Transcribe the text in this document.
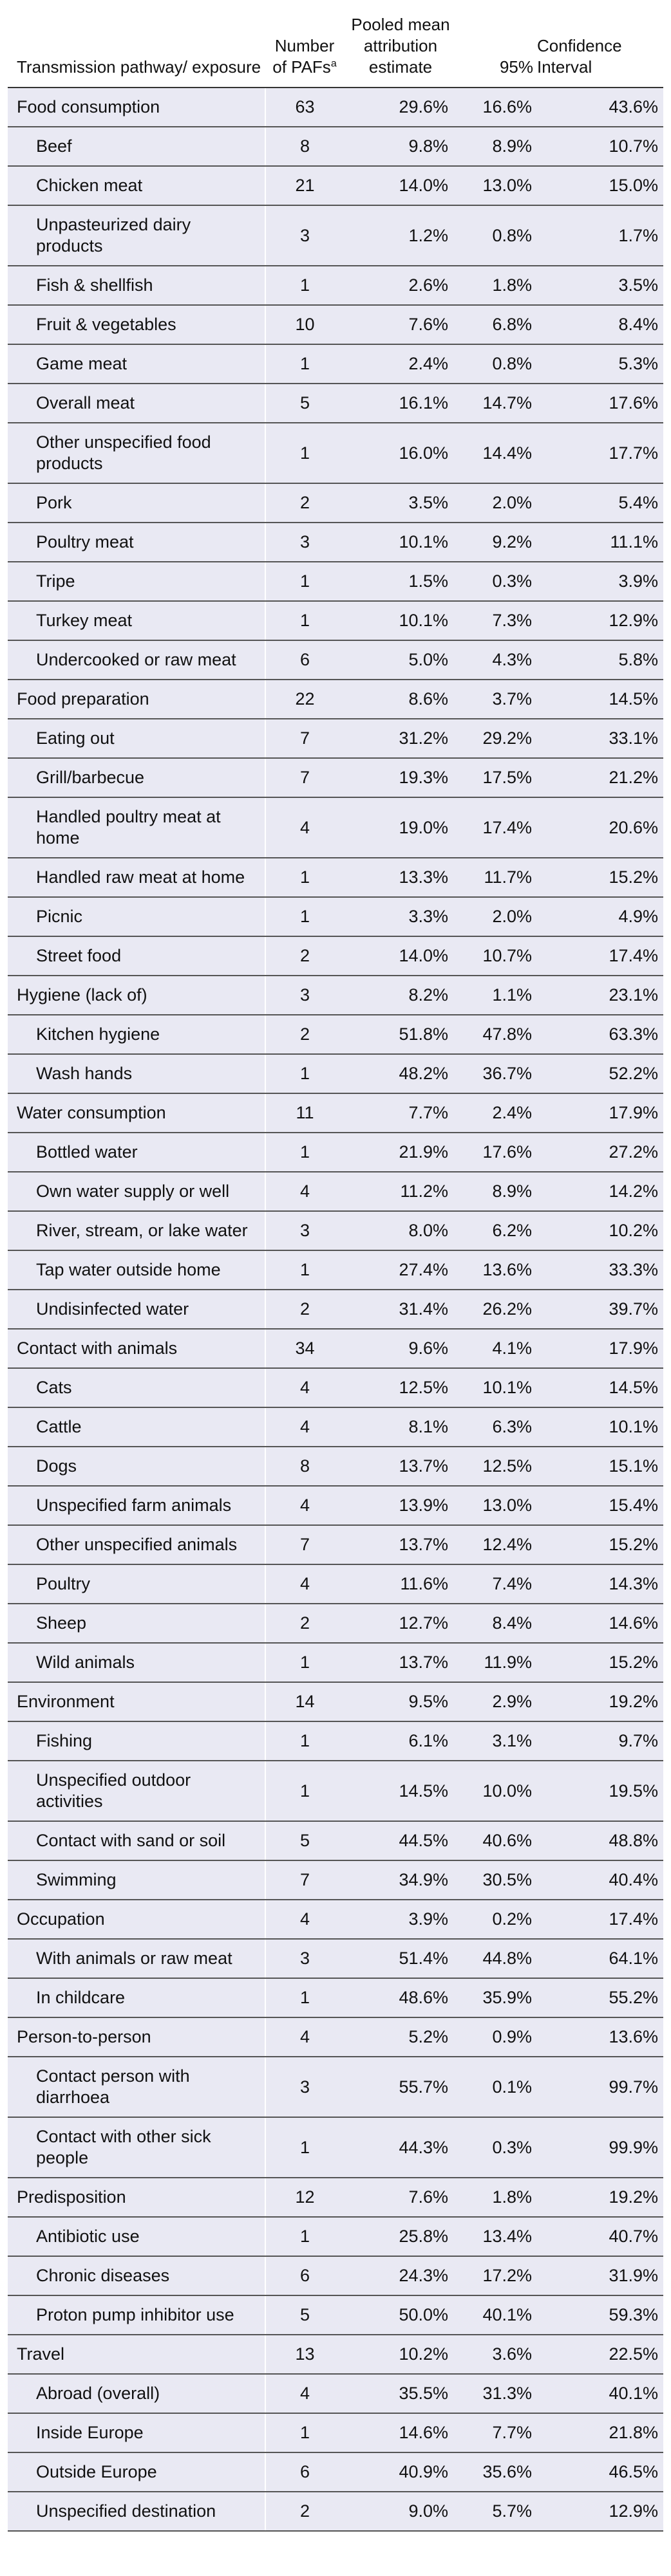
Transmission pathway/ exposure	Number of PAFs$^a$	Pooled mean attribution estimate	95%	Confidence Interval
Food consumption	63	29.6%	16.6%	43.6%
Beef	8	9.8%	8.9%	10.7%
Chicken meat	21	14.0%	13.0%	15.0%
Unpasteurized dairy products	3	1.2%	0.8%	1.7%
Fish & shellfish	1	2.6%	1.8%	3.5%
Fruit & vegetables	10	7.6%	6.8%	8.4%
Game meat	1	2.4%	0.8%	5.3%
Overall meat	5	16.1%	14.7%	17.6%
Other unspecified food products	1	16.0%	14.4%	17.7%
Pork	2	3.5%	2.0%	5.4%
Poultry meat	3	10.1%	9.2%	11.1%
Tripe	1	1.5%	0.3%	3.9%
Turkey meat	1	10.1%	7.3%	12.9%
Undercooked or raw meat	6	5.0%	4.3%	5.8%
Food preparation	22	8.6%	3.7%	14.5%
Eating out	7	31.2%	29.2%	33.1%
Grill/barbecue	7	19.3%	17.5%	21.2%
Handled poultry meat at home	4	19.0%	17.4%	20.6%
Handled raw meat at home	1	13.3%	11.7%	15.2%
Picnic	1	3.3%	2.0%	4.9%
Street food	2	14.0%	10.7%	17.4%
Hygiene (lack of)	3	8.2%	1.1%	23.1%
Kitchen hygiene	2	51.8%	47.8%	63.3%
Wash hands	1	48.2%	36.7%	52.2%
Water consumption	11	7.7%	2.4%	17.9%
Bottled water	1	21.9%	17.6%	27.2%
Own water supply or well	4	11.2%	8.9%	14.2%
River, stream, or lake water	3	8.0%	6.2%	10.2%
Tap water outside home	1	27.4%	13.6%	33.3%
Undisinfected water	2	31.4%	26.2%	39.7%
Contact with animals	34	9.6%	4.1%	17.9%
Cats	4	12.5%	10.1%	14.5%
Cattle	4	8.1%	6.3%	10.1%
Dogs	8	13.7%	12.5%	15.1%
Unspecified farm animals	4	13.9%	13.0%	15.4%
Other unspecified animals	7	13.7%	12.4%	15.2%
Poultry	4	11.6%	7.4%	14.3%
Sheep	2	12.7%	8.4%	14.6%
Wild animals	1	13.7%	11.9%	15.2%
Environment	14	9.5%	2.9%	19.2%
Fishing	1	6.1%	3.1%	9.7%
Unspecified outdoor activities	1	14.5%	10.0%	19.5%
Contact with sand or soil	5	44.5%	40.6%	48.8%
Swimming	7	34.9%	30.5%	40.4%
Occupation	4	3.9%	0.2%	17.4%
With animals or raw meat	3	51.4%	44.8%	64.1%
In childcare	1	48.6%	35.9%	55.2%
Person-to-person	4	5.2%	0.9%	13.6%
Contact person with diarrhoea	3	55.7%	0.1%	99.7%
Contact with other sick people	1	44.3%	0.3%	99.9%
Predisposition	12	7.6%	1.8%	19.2%
Antibiotic use	1	25.8%	13.4%	40.7%
Chronic diseases	6	24.3%	17.2%	31.9%
Proton pump inhibitor use	5	50.0%	40.1%	59.3%
Travel	13	10.2%	3.6%	22.5%
Abroad (overall)	4	35.5%	31.3%	40.1%
Inside Europe	1	14.6%	7.7%	21.8%
Outside Europe	6	40.9%	35.6%	46.5%
Unspecified destination	2	9.0%	5.7%	12.9%
